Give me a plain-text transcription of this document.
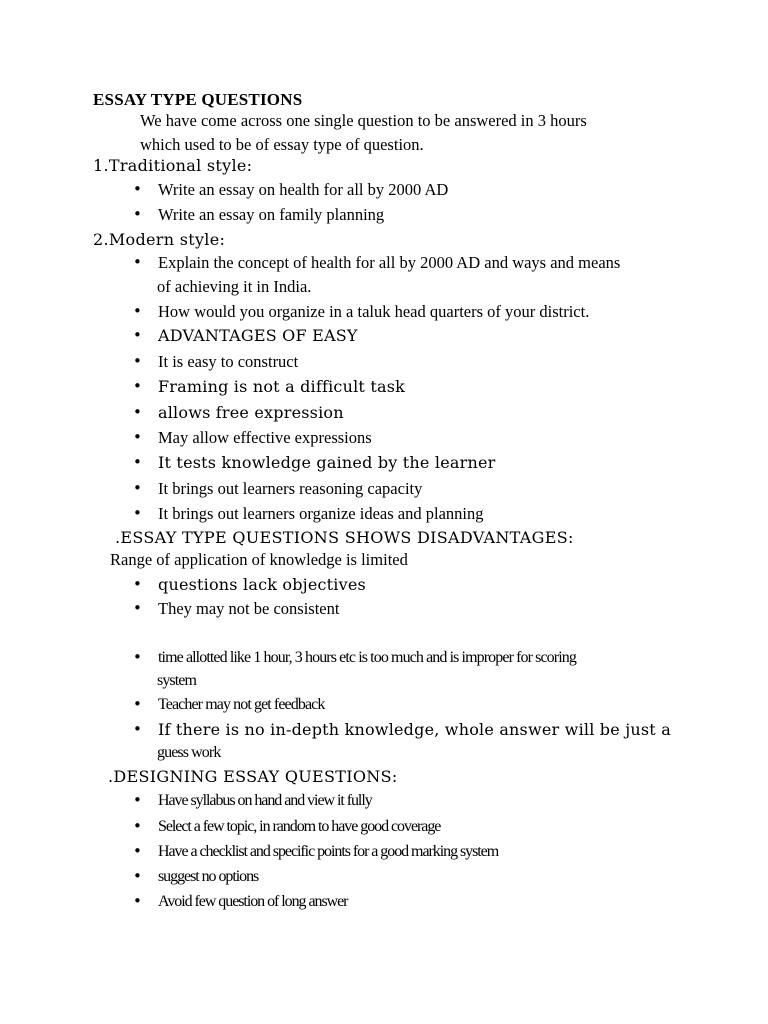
ESSAY TYPE QUESTIONS
We have come across one single question to be answered in 3 hours
which used to be of essay type of question.
1.Traditional style:
• Write an essay on health for all by 2000 AD
• Write an essay on family planning
2.Modern style:
• Explain the concept of health for all by 2000 AD and ways and means
of achieving it in India.
• How would you organize in a taluk head quarters of your district.
• ADVANTAGES OF EASY
• It is easy to construct
• Framing is not a difficult task
• allows free expression
• May allow effective expressions
• It tests knowledge gained by the learner
• It brings out learners reasoning capacity
• It brings out learners organize ideas and planning
.ESSAY TYPE QUESTIONS SHOWS DISADVANTAGES:
Range of application of knowledge is limited
• questions lack objectives
• They may not be consistent
• time allotted like 1 hour, 3 hours etc is too much and is improper for scoring
system
• Teacher may not get feedback
• If there is no in-depth knowledge, whole answer will be just a
guess work
.DESIGNING ESSAY QUESTIONS:
• Have syllabus on hand and view it fully
• Select a few topic, in random to have good coverage
• Have a checklist and specific points for a good marking system
• suggest no options
• Avoid few question of long answer
